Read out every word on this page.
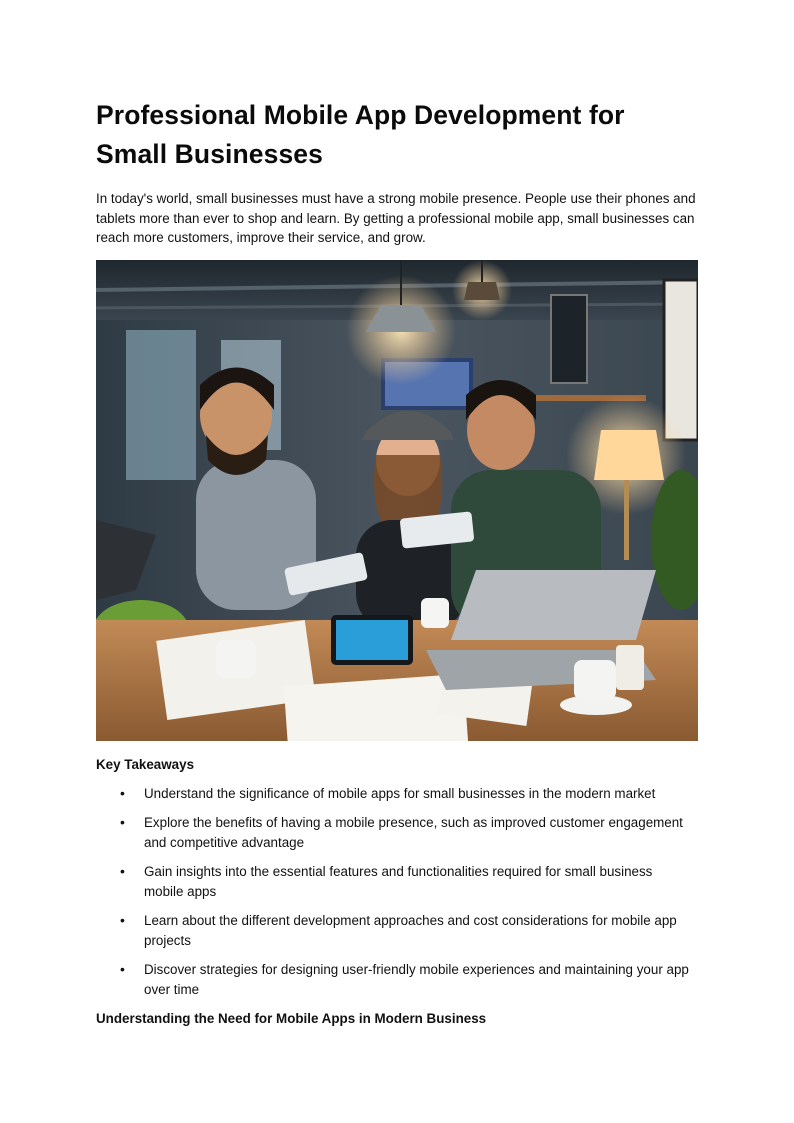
Professional Mobile App Development for Small Businesses

In today's world, small businesses must have a strong mobile presence. People use their phones and tablets more than ever to shop and learn. By getting a professional mobile app, small businesses can reach more customers, improve their service, and grow.

Key Takeaways
• Understand the significance of mobile apps for small businesses in the modern market
• Explore the benefits of having a mobile presence, such as improved customer engagement and competitive advantage
• Gain insights into the essential features and functionalities required for small business mobile apps
• Learn about the different development approaches and cost considerations for mobile app projects
• Discover strategies for designing user-friendly mobile experiences and maintaining your app over time
Understanding the Need for Mobile Apps in Modern Business
